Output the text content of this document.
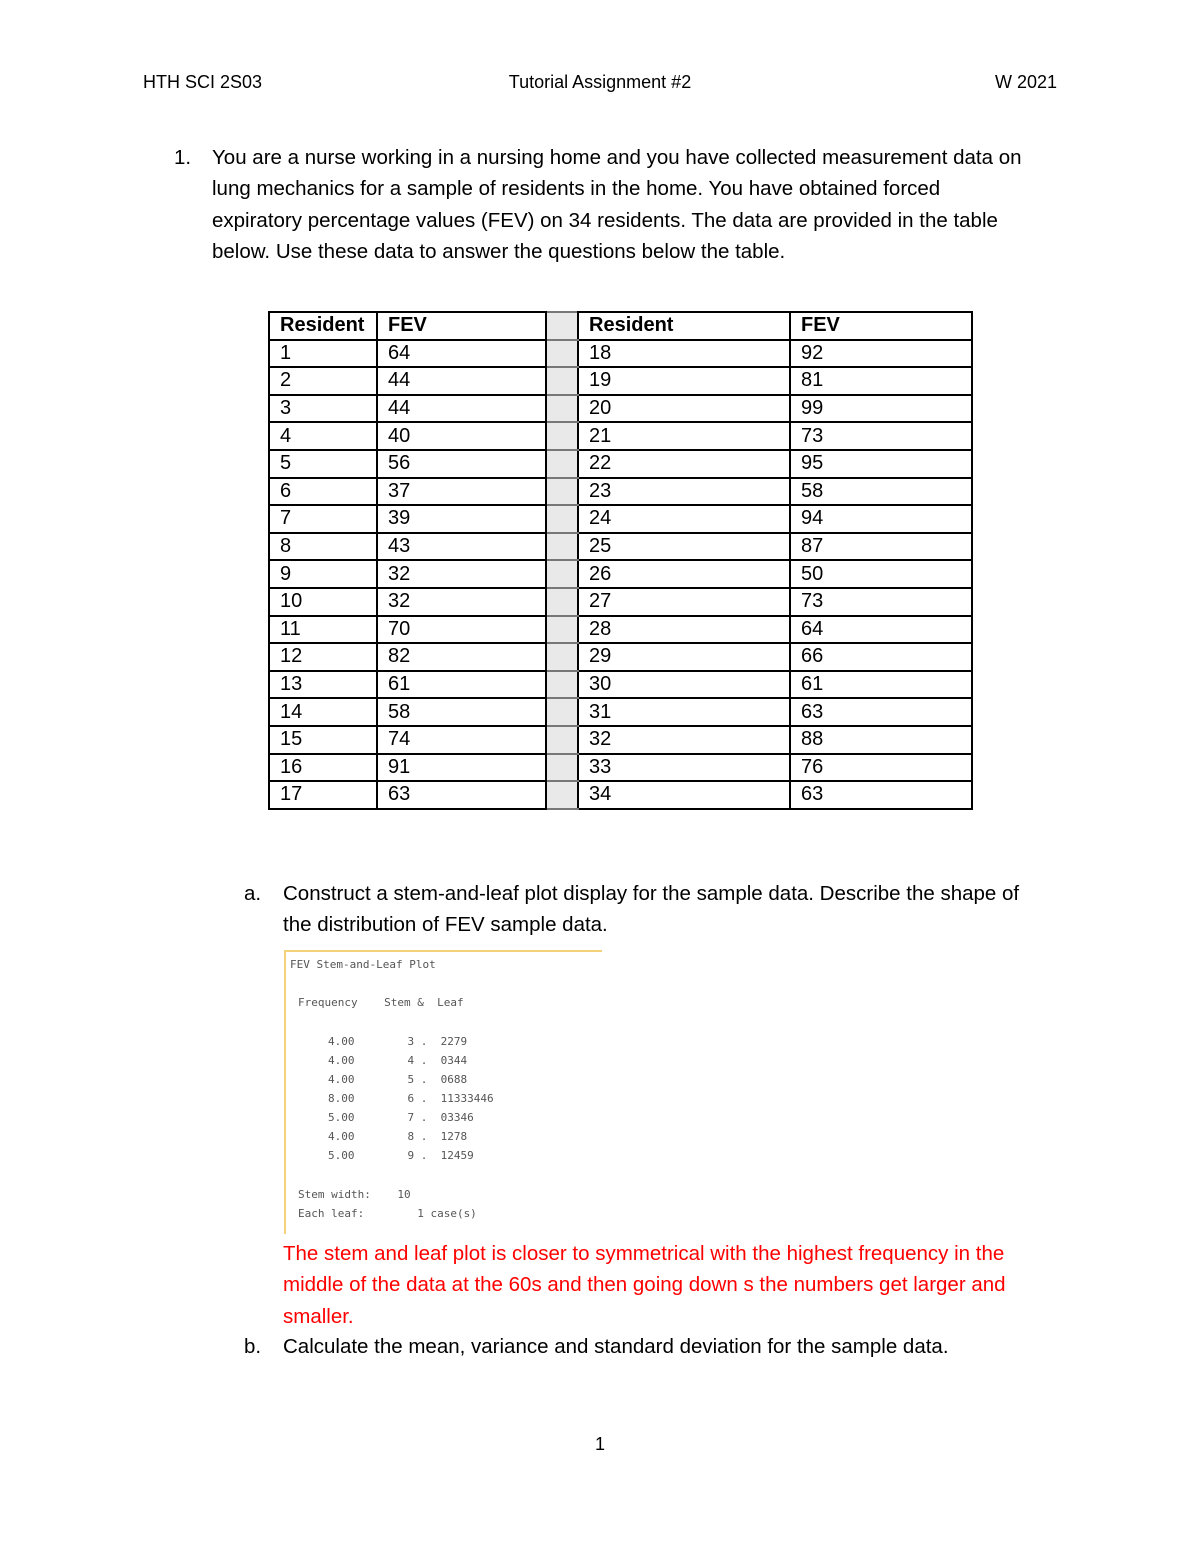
HTH SCI 2S03	Tutorial Assignment #2	W 2021
1.	You are a nurse working in a nursing home and you have collected measurement data on
lung mechanics for a sample of residents in the home. You have obtained forced
expiratory percentage values (FEV) on 34 residents. The data are provided in the table
below. Use these data to answer the questions below the table.
Resident	FEV		Resident	FEV
1	64		18	92
2	44		19	81
3	44		20	99
4	40		21	73
5	56		22	95
6	37		23	58
7	39		24	94
8	43		25	87
9	32		26	50
10	32		27	73
11	70		28	64
12	82		29	66
13	61		30	61
14	58		31	63
15	74		32	88
16	91		33	76
17	63		34	63
a. Construct a stem-and-leaf plot display for the sample data. Describe the shape of
the distribution of FEV sample data.
FEV Stem-and-Leaf Plot
Frequency    Stem &  Leaf
4.00        3 .  2279
4.00        4 .  0344
4.00        5 .  0688
8.00        6 .  11333446
5.00        7 .  03346
4.00        8 .  1278
5.00        9 .  12459
Stem width:    10
Each leaf:        1 case(s)
The stem and leaf plot is closer to symmetrical with the highest frequency in the
middle of the data at the 60s and then going down s the numbers get larger and
smaller.
b. Calculate the mean, variance and standard deviation for the sample data.
1
